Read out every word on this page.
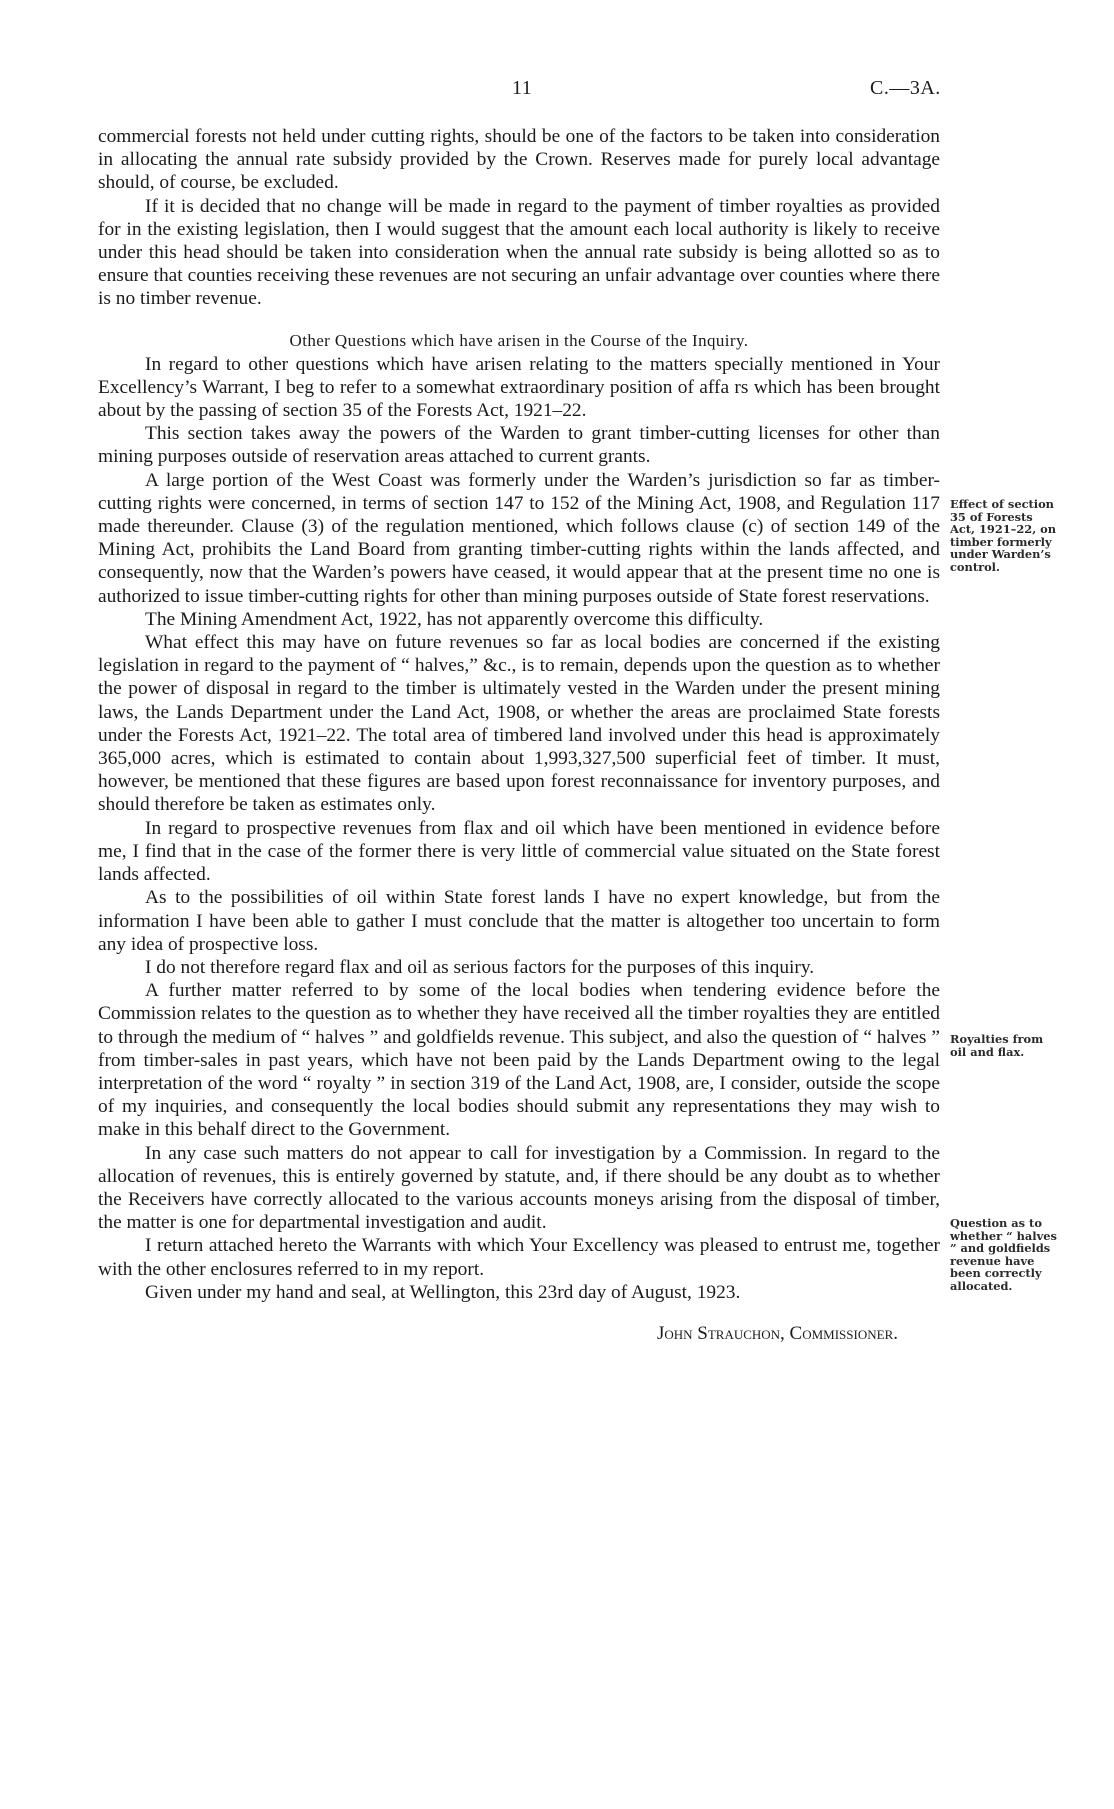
11	C.—3A.

commercial forests not held under cutting rights, should be one of the factors to be taken into consideration in allocating the annual rate subsidy provided by the Crown. Reserves made for purely local advantage should, of course, be excluded.

If it is decided that no change will be made in regard to the payment of timber royalties as provided for in the existing legislation, then I would suggest that the amount each local authority is likely to receive under this head should be taken into consideration when the annual rate subsidy is being allotted so as to ensure that counties receiving these revenues are not securing an unfair advantage over counties where there is no timber revenue.

Other Questions which have arisen in the Course of the Inquiry.

In regard to other questions which have arisen relating to the matters specially mentioned in Your Excellency’s Warrant, I beg to refer to a somewhat extraordinary position of affa rs which has been brought about by the passing of section 35 of the Forests Act, 1921–22.

This section takes away the powers of the Warden to grant timber-cutting licenses for other than mining purposes outside of reservation areas attached to current grants.

A large portion of the West Coast was formerly under the Warden’s jurisdiction so far as timber-cutting rights were concerned, in terms of section 147 to 152 of the Mining Act, 1908, and Regulation 117 made thereunder. Clause (3) of the regulation mentioned, which follows clause (c) of section 149 of the Mining Act, prohibits the Land Board from granting timber-cutting rights within the lands affected, and consequently, now that the Warden’s powers have ceased, it would appear that at the present time no one is authorized to issue timber-cutting rights for other than mining purposes outside of State forest reservations.

The Mining Amendment Act, 1922, has not apparently overcome this difficulty.

What effect this may have on future revenues so far as local bodies are concerned if the existing legislation in regard to the payment of “ halves,” &c., is to remain, depends upon the question as to whether the power of disposal in regard to the timber is ultimately vested in the Warden under the present mining laws, the Lands Department under the Land Act, 1908, or whether the areas are proclaimed State forests under the Forests Act, 1921–22. The total area of timbered land involved under this head is approximately 365,000 acres, which is estimated to contain about 1,993,327,500 superficial feet of timber. It must, however, be mentioned that these figures are based upon forest reconnaissance for inventory purposes, and should therefore be taken as estimates only.

In regard to prospective revenues from flax and oil which have been mentioned in evidence before me, I find that in the case of the former there is very little of commercial value situated on the State forest lands affected.

As to the possibilities of oil within State forest lands I have no expert knowledge, but from the information I have been able to gather I must conclude that the matter is altogether too uncertain to form any idea of prospective loss.

I do not therefore regard flax and oil as serious factors for the purposes of this inquiry.

A further matter referred to by some of the local bodies when tendering evidence before the Commission relates to the question as to whether they have received all the timber royalties they are entitled to through the medium of “ halves ” and goldfields revenue. This subject, and also the question of “ halves ” from timber-sales in past years, which have not been paid by the Lands Department owing to the legal interpretation of the word “ royalty ” in section 319 of the Land Act, 1908, are, I consider, outside the scope of my inquiries, and consequently the local bodies should submit any representations they may wish to make in this behalf direct to the Government.

In any case such matters do not appear to call for investigation by a Commission. In regard to the allocation of revenues, this is entirely governed by statute, and, if there should be any doubt as to whether the Receivers have correctly allocated to the various accounts moneys arising from the disposal of timber, the matter is one for departmental investigation and audit.

I return attached hereto the Warrants with which Your Excellency was pleased to entrust me, together with the other enclosures referred to in my report.

Given under my hand and seal, at Wellington, this 23rd day of August, 1923.

John Strauchon, Commissioner.

Effect of section 35 of Forests Act, 1921–22, on timber formerly under Warden’s control.
Royalties from oil and flax.
Question as to whether “ halves ” and goldfields revenue have been correctly allocated.
